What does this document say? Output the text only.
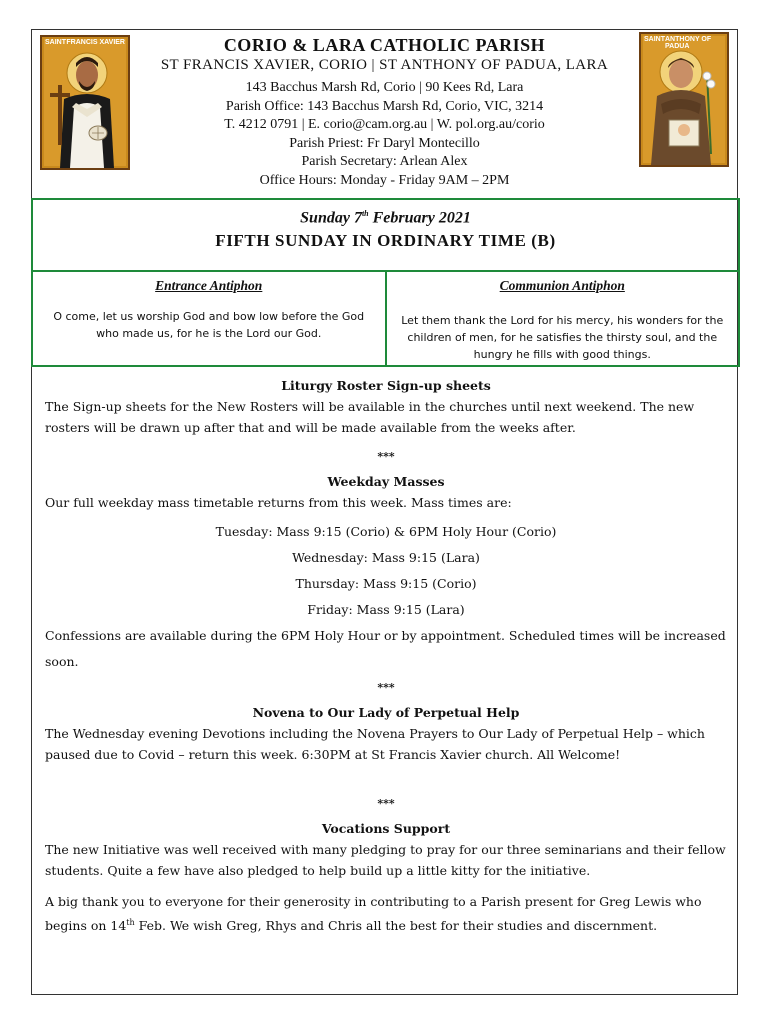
SAINT FRANCIS XAVIER	CORIO & LARA CATHOLIC PARISH
ST FRANCIS XAVIER, CORIO | ST ANTHONY OF PADUA, LARA
143 Bacchus Marsh Rd, Corio | 90 Kees Rd, Lara
Parish Office: 143 Bacchus Marsh Rd, Corio, VIC, 3214
T. 4212 0791 | E. corio@cam.org.au | W. pol.org.au/corio
Parish Priest: Fr Daryl Montecillo
Parish Secretary: Arlean Alex
Office Hours: Monday - Friday 9AM – 2PM
SAINT ANTHONY OF PADUA
Sunday 7th February 2021
FIFTH SUNDAY IN ORDINARY TIME (B)
Entrance Antiphon
O come, let us worship God and bow low before the God who made us, for he is the Lord our God.
Communion Antiphon
Let them thank the Lord for his mercy, his wonders for the children of men, for he satisfies the thirsty soul, and the hungry he fills with good things.
Liturgy Roster Sign-up sheets

The Sign-up sheets for the New Rosters will be available in the churches until next weekend. The new rosters will be drawn up after that and will be made available from the weeks after.

***
Weekday Masses

Our full weekday mass timetable returns from this week. Mass times are:

Tuesday: Mass 9:15 (Corio) & 6PM Holy Hour (Corio)
Wednesday: Mass 9:15 (Lara)
Thursday: Mass 9:15 (Corio)
Friday: Mass 9:15 (Lara)

Confessions are available during the 6PM Holy Hour or by appointment. Scheduled times will be increased soon.

***
Novena to Our Lady of Perpetual Help

The Wednesday evening Devotions including the Novena Prayers to Our Lady of Perpetual Help – which paused due to Covid – return this week. 6:30PM at St Francis Xavier church. All Welcome!

***
Vocations Support

The new Initiative was well received with many pledging to pray for our three seminarians and their fellow students. Quite a few have also pledged to help build up a little kitty for the initiative.

A big thank you to everyone for their generosity in contributing to a Parish present for Greg Lewis who begins on 14th Feb. We wish Greg, Rhys and Chris all the best for their studies and discernment.
